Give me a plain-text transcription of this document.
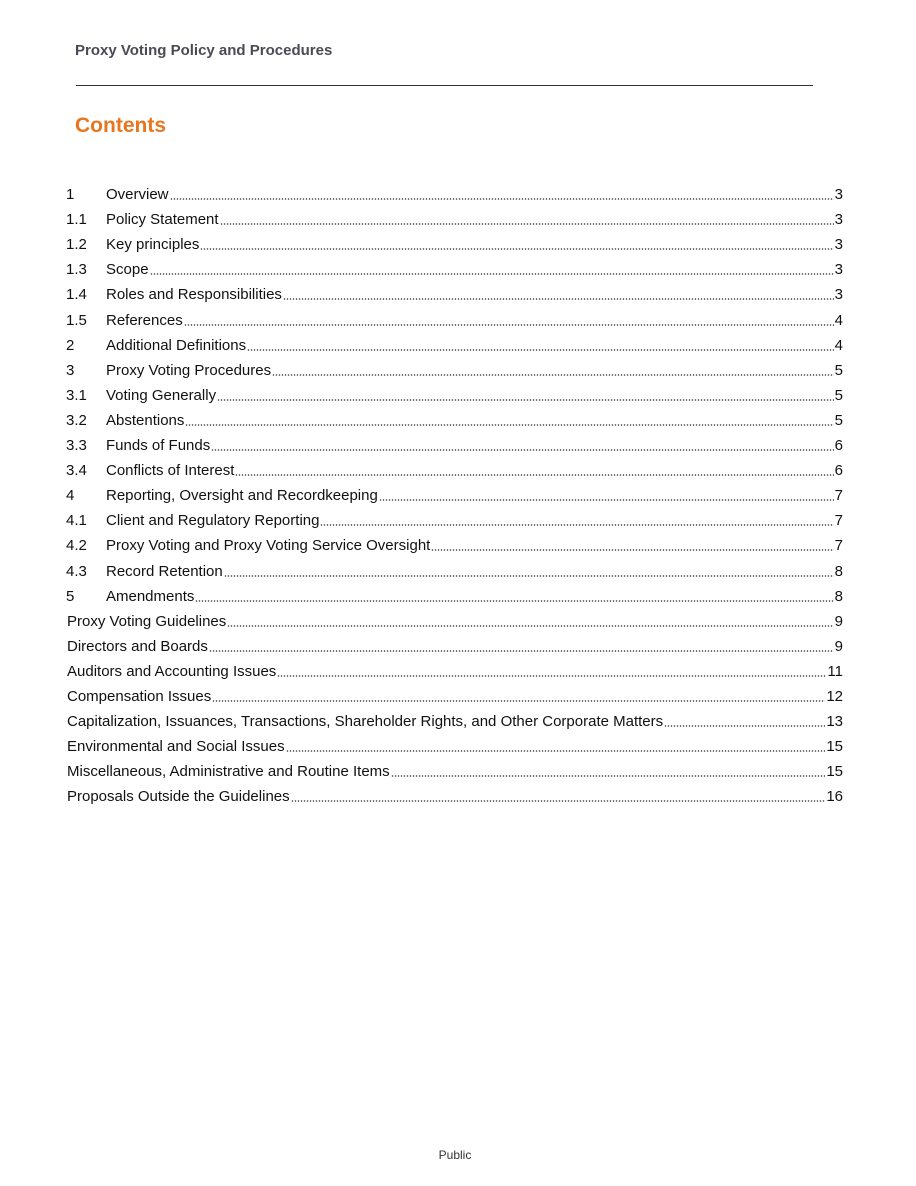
Proxy Voting Policy and Procedures
Contents
1	Overview	3
1.1	Policy Statement	3
1.2	Key principles	3
1.3	Scope	3
1.4	Roles and Responsibilities	3
1.5	References	4
2	Additional Definitions	4
3	Proxy Voting Procedures	5
3.1	Voting Generally	5
3.2	Abstentions	5
3.3	Funds of Funds	6
3.4	Conflicts of Interest	6
4	Reporting, Oversight and Recordkeeping	7
4.1	Client and Regulatory Reporting	7
4.2	Proxy Voting and Proxy Voting Service Oversight	7
4.3	Record Retention	8
5	Amendments	8
Proxy Voting Guidelines	9
Directors and Boards	9
Auditors and Accounting Issues	11
Compensation Issues	12
Capitalization, Issuances, Transactions, Shareholder Rights, and Other Corporate Matters	13
Environmental and Social Issues	15
Miscellaneous, Administrative and Routine Items	15
Proposals Outside the Guidelines	16
Public
